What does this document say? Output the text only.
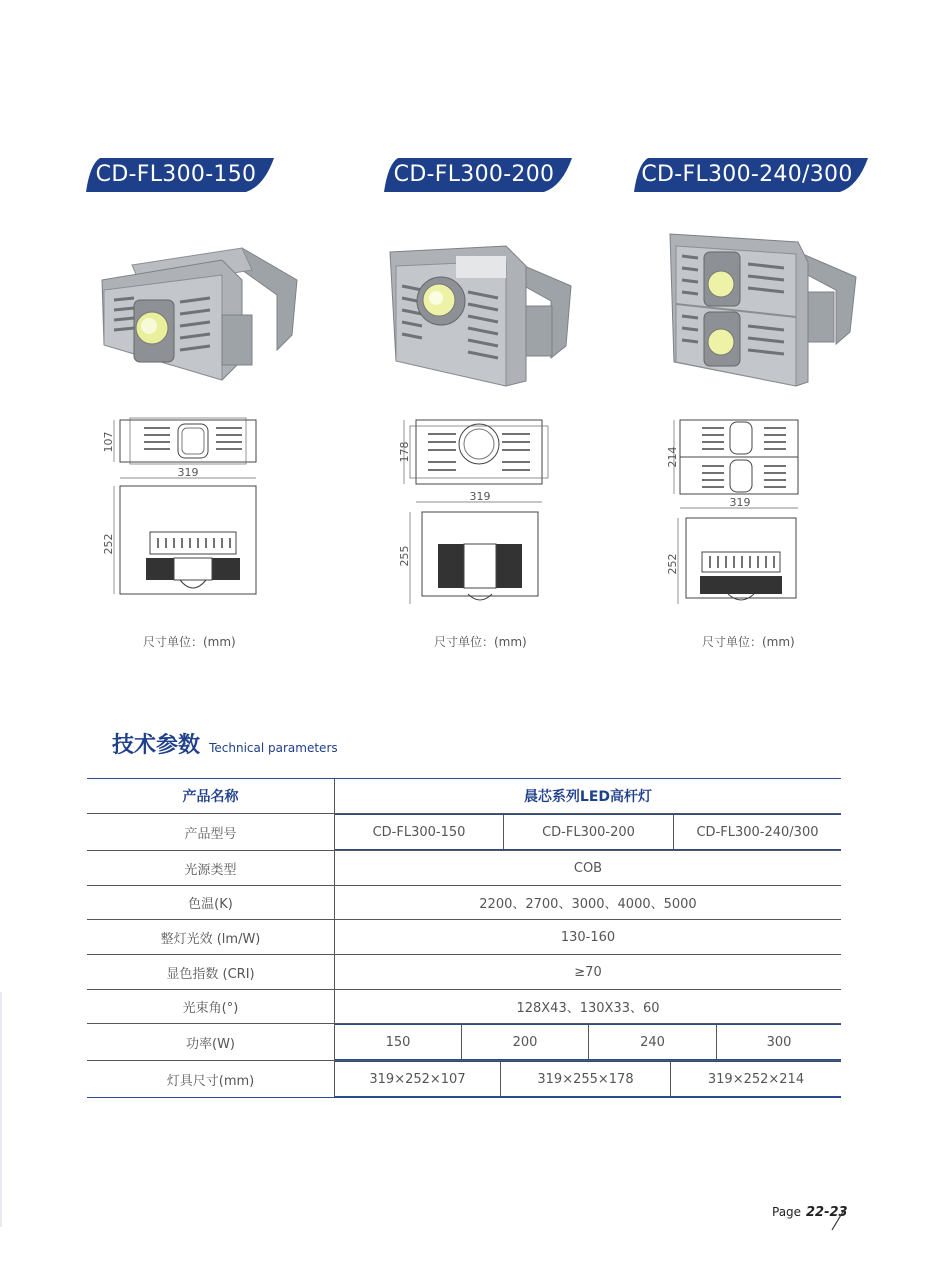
CD-FL300-150	CD-FL300-200	CD-FL300-240/300
107
319
252
178
319
255
214
319
252
尺寸单位：(mm)	尺寸单位：(mm)	尺寸单位：(mm)
技术参数 Technical parameters
产品名称	晨芯系列LED高杆灯
产品型号		CD-FL300-150	CD-FL300-200	CD-FL300-240/300

光源类型	COB
色温(K)	2200、2700、3000、4000、5000
整灯光效 (lm/W)	130-160
显色指数 (CRI)	≥70
光束角(°)	128X43、130X33、60
功率(W)		150	200	240	300

灯具尺寸(mm)		319×252×107	319×255×178	319×252×214
Page 22-23
